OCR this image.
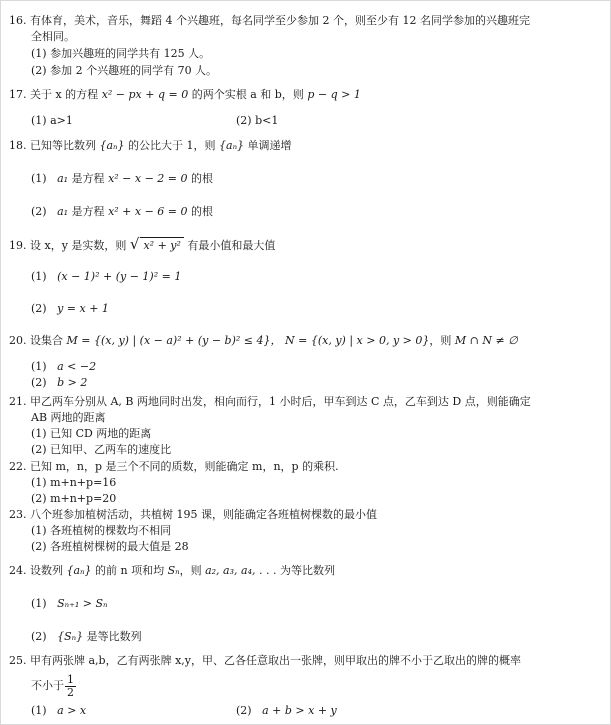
16. 有体育，美术，音乐，舞蹈 4 个兴趣班，每名同学至少参加 2 个，则至少有 12 名同学参加的兴趣班完
全相同。
(1) 参加兴趣班的同学共有 125 人。
(2) 参加 2 个兴趣班的同学有 70 人。
17. 关于 x 的方程 x² − px + q = 0 的两个实根 a 和 b，则 p − q > 1
(1) a>1	(2) b<1
18. 已知等比数列 {aₙ} 的公比大于 1，则 {aₙ} 单调递增
(1) a₁ 是方程 x² − x − 2 = 0 的根
(2) a₁ 是方程 x² + x − 6 = 0 的根
19. 设 x，y 是实数，则 √ x² + y² 有最小值和最大值
(1) (x − 1)² + (y − 1)² = 1
(2) y = x + 1
20. 设集合 M = {(x, y) | (x − a)² + (y − b)² ≤ 4}， N = {(x, y) | x > 0, y > 0}，则 M ∩ N ≠ ∅
(1) a < −2
(2) b > 2
21. 甲乙两车分别从 A, B 两地同时出发，相向而行，1 小时后，甲车到达 C 点，乙车到达 D 点，则能确定
AB 两地的距离
(1) 已知 CD 两地的距离
(2) 已知甲、乙两车的速度比
22. 已知 m，n，p 是三个不同的质数，则能确定 m，n，p 的乘积.
(1) m+n+p=16
(2) m+n+p=20
23. 八个班参加植树活动，共植树 195 课，则能确定各班植树棵数的最小值
(1) 各班植树的棵数均不相同
(2) 各班植树棵树的最大值是 28
24. 设数列 {aₙ} 的前 n 项和均 Sₙ，则 a₂, a₃, a₄, . . . 为等比数列
(1) Sₙ₊₁ > Sₙ
(2) {Sₙ} 是等比数列
25. 甲有两张牌 a,b，乙有两张牌 x,y，甲、乙各任意取出一张牌，则甲取出的牌不小于乙取出的牌的概率
不小于 $\frac{1}{2}$
(1) a > x	(2) a + b > x + y
